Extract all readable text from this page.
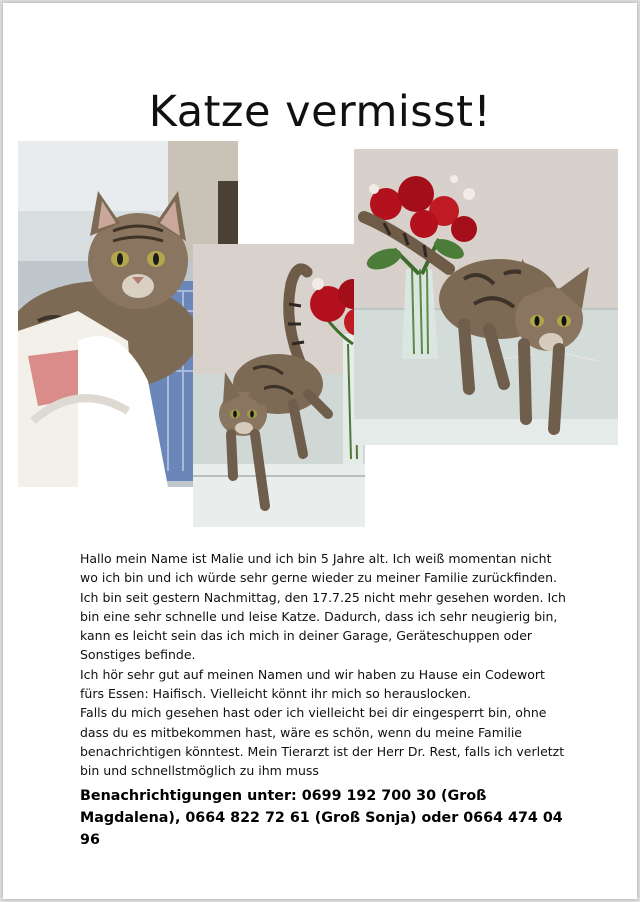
Katze vermisst!

Hallo mein Name ist Malie und ich bin 5 Jahre alt. Ich weiß momentan nicht wo ich bin und ich würde sehr gerne wieder zu meiner Familie zurückfinden. Ich bin seit gestern Nachmittag, den 17.7.25 nicht mehr gesehen worden. Ich bin eine sehr schnelle und leise Katze. Dadurch, dass ich sehr neugierig bin, kann es leicht sein das ich mich in deiner Garage, Geräteschuppen oder Sonstiges befinde.

Ich hör sehr gut auf meinen Namen und wir haben zu Hause ein Codewort fürs Essen: Haifisch. Vielleicht könnt ihr mich so herauslocken.

Falls du mich gesehen hast oder ich vielleicht bei dir eingesperrt bin, ohne dass du es mitbekommen hast, wäre es schön, wenn du meine Familie benachrichtigen könntest. Mein Tierarzt ist der Herr Dr. Rest, falls ich verletzt bin und schnellstmöglich zu ihm muss

Benachrichtigungen unter: 0699 192 700 30 (Groß Magdalena), 0664 822 72 61 (Groß Sonja) oder 0664 474 04 96
